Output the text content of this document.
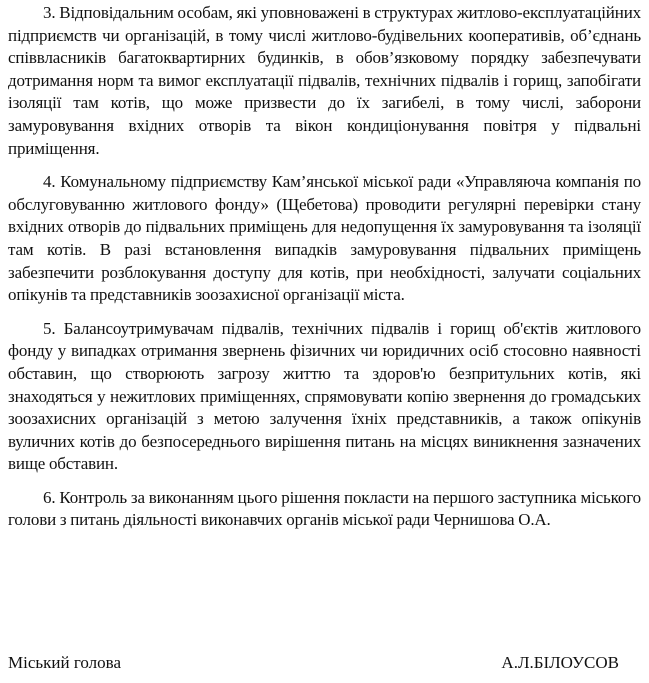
3. Відповідальним особам, які уповноважені в структурах житлово-експлуатаційних підприємств чи організацій, в тому числі житлово-будівельних кооперативів, об’єднань співвласників багатоквартирних будинків, в обов’язковому порядку забезпечувати дотримання норм та вимог експлуатації підвалів, технічних підвалів і горищ, запобігати ізоляції там котів, що може призвести до їх загибелі, в тому числі, заборони замуровування вхідних отворів та вікон кондиціонування повітря у підвальні приміщення.

4. Комунальному підприємству Кам’янської міської ради «Управляюча компанія по обслуговуванню житлового фонду» (Щебетова) проводити регулярні перевірки стану вхідних отворів до підвальних приміщень для недопущення їх замуровування та ізоляції там котів. В разі встановлення випадків замуровування підвальних приміщень забезпечити розблокування доступу для котів, при необхідності, залучати соціальних опікунів та представників зоозахисної організації міста.

5. Балансоутримувачам підвалів, технічних підвалів і горищ об'єктів житлового фонду у випадках отримання звернень фізичних чи юридичних осіб стосовно наявності обставин, що створюють загрозу життю та здоров'ю безпритульних котів, які знаходяться у нежитлових приміщеннях, спрямовувати копію звернення до громадських зоозахисних організацій з метою залучення їхніх представників, а також опікунів вуличних котів до безпосереднього вирішення питань на місцях виникнення зазначених вище обставин.

6. Контроль за виконанням цього рішення покласти на першого заступника міського голови з питань діяльності виконавчих органів міської ради Чернишова О.А.

Міський голова	А.Л.БІЛОУСОВ
